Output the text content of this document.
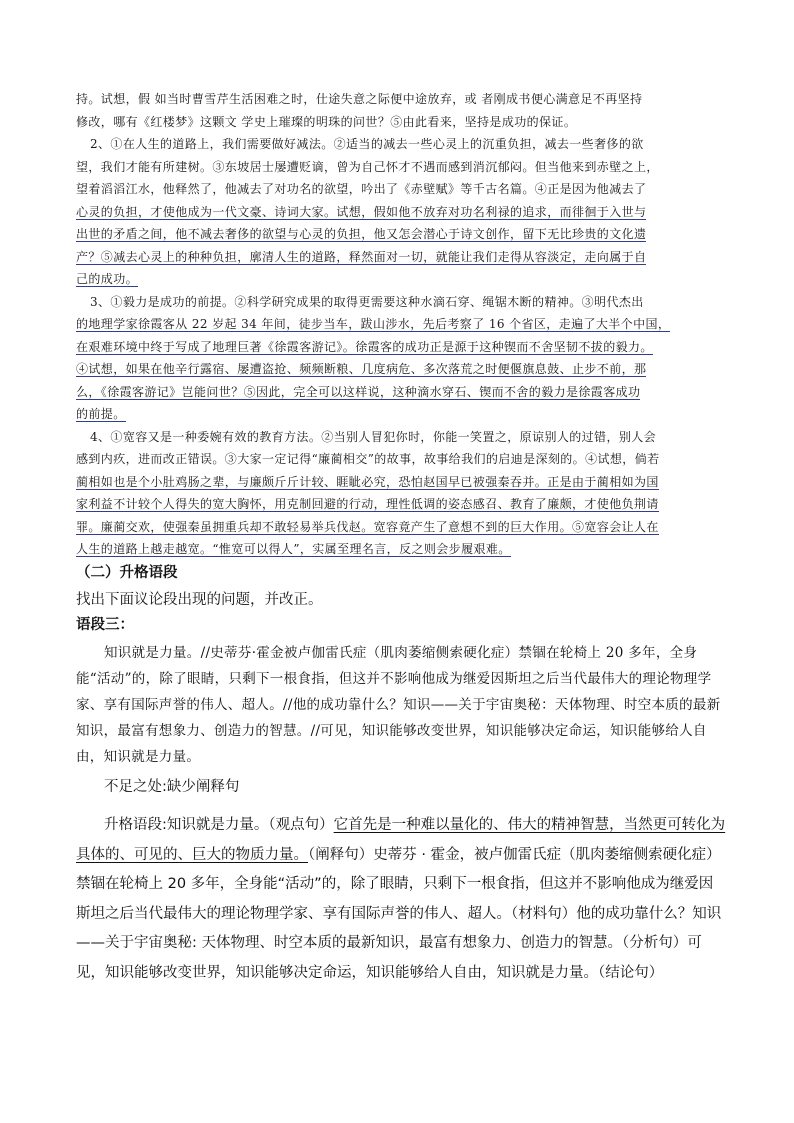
持。试想，假 如当时曹雪芹生活困难之时，仕途失意之际便中途放弃，或 者刚成书便心满意足不再坚持

修改，哪有《红楼梦》这颗文 学史上璀璨的明珠的问世？⑤由此看来，坚持是成功的保证。

2、①在人生的道路上，我们需要做好减法。②适当的减去一些心灵上的沉重负担，减去一些奢侈的欲

望，我们才能有所建树。③东坡居士屡遭贬谪，曾为自己怀才不遇而感到消沉郁闷。但当他来到赤壁之上，

望着滔滔江水，他释然了，他减去了对功名的欲望，吟出了《赤壁赋》等千古名篇。④正是因为他减去了

心灵的负担，才使他成为一代文豪、诗词大家。试想，假如他不放弃对功名利禄的追求，而徘徊于入世与

出世的矛盾之间，他不减去奢侈的欲望与心灵的负担，他又怎会潜心于诗文创作，留下无比珍贵的文化遗

产？⑤减去心灵上的种种负担，廓清人生的道路，释然面对一切，就能让我们走得从容淡定，走向属于自

己的成功。

3、①毅力是成功的前提。②科学研究成果的取得更需要这种水滴石穿、绳锯木断的精神。③明代杰出

的地理学家徐霞客从 22 岁起 34 年间，徒步当车，跋山涉水，先后考察了 16 个省区，走遍了大半个中国，

在艰难环境中终于写成了地理巨著《徐霞客游记》。徐霞客的成功正是源于这种锲而不舍坚韧不拔的毅力。

④试想，如果在他辛行露宿、屡遭盗抢、频频断粮、几度病危、多次落荒之时便偃旗息鼓、止步不前，那

么，《徐霞客游记》岂能问世？⑤因此，完全可以这样说，这种滴水穿石、锲而不舍的毅力是徐霞客成功

的前提。

4、①宽容又是一种委婉有效的教育方法。②当别人冒犯你时，你能一笑置之，原谅别人的过错，别人会

感到内疚，进而改正错误。③大家一定记得“廉蔺相交”的故事，故事给我们的启迪是深刻的。④试想，倘若

蔺相如也是个小肚鸡肠之辈，与廉颇斤斤计较、睚眦必究，恐怕赵国早已被强秦吞并。正是由于蔺相如为国

家利益不计较个人得失的宽大胸怀，用克制回避的行动，理性低调的姿态感召、教育了廉颇，才使他负荆请

罪。廉蔺交欢，使强秦虽拥重兵却不敢轻易举兵伐赵。宽容竟产生了意想不到的巨大作用。⑤宽容会让人在

人生的道路上越走越宽。“惟宽可以得人”，实属至理名言，反之则会步履艰难。

（二）升格语段
找出下面议论段出现的问题，并改正。
语段三：

知识就是力量。//史蒂芬·霍金被卢伽雷氏症（肌肉萎缩侧索硬化症）禁锢在轮椅上 20 多年，全身能“活动”的，除了眼睛，只剩下一根食指，但这并不影响他成为继爱因斯坦之后当代最伟大的理论物理学家、享有国际声誉的伟人、超人。//他的成功靠什么？知识——关于宇宙奥秘：天体物理、时空本质的最新知识，最富有想象力、创造力的智慧。//可见，知识能够改变世界，知识能够决定命运，知识能够给人自由，知识就是力量。

不足之处:缺少阐释句

升格语段:知识就是力量。（观点句）它首先是一种难以量化的、伟大的精神智慧，当然更可转化为具体的、可见的、巨大的物质力量。（阐释句）史蒂芬 · 霍金，被卢伽雷氏症（肌肉萎缩侧索硬化症）禁锢在轮椅上 20 多年，全身能“活动”的，除了眼睛，只剩下一根食指，但这并不影响他成为继爱因斯坦之后当代最伟大的理论物理学家、享有国际声誉的伟人、超人。（材料句）他的成功靠什么？知识——关于宇宙奥秘: 天体物理、时空本质的最新知识，最富有想象力、创造力的智慧。（分析句）可见，知识能够改变世界，知识能够决定命运，知识能够给人自由，知识就是力量。（结论句）
